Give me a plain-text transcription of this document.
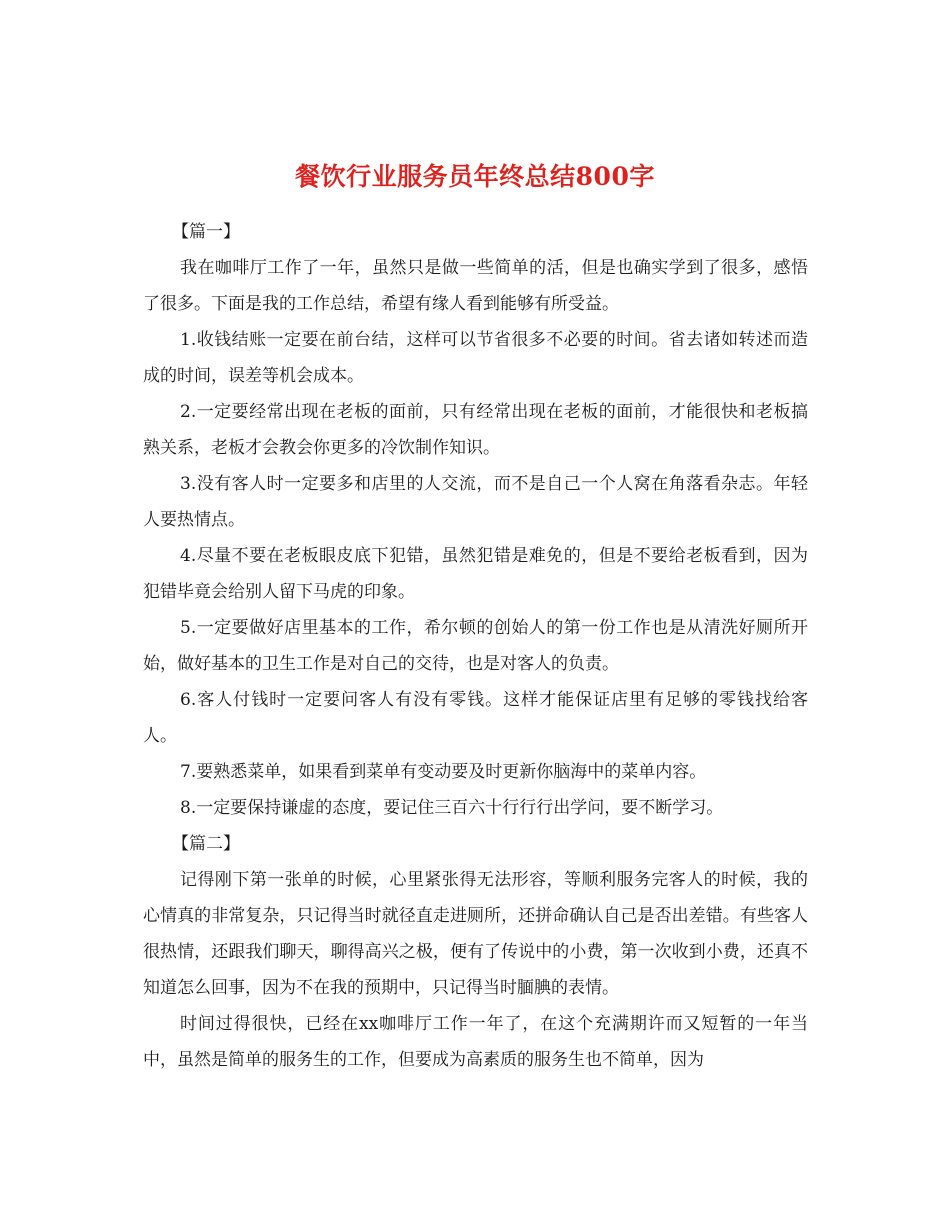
餐饮行业服务员年终总结800字

【篇一】

我在咖啡厅工作了一年，虽然只是做一些简单的活，但是也确实学到了很多，感悟了很多。下面是我的工作总结，希望有缘人看到能够有所受益。

1.收钱结账一定要在前台结，这样可以节省很多不必要的时间。省去诸如转述而造成的时间，误差等机会成本。

2.一定要经常出现在老板的面前，只有经常出现在老板的面前，才能很快和老板搞熟关系，老板才会教会你更多的冷饮制作知识。

3.没有客人时一定要多和店里的人交流，而不是自己一个人窝在角落看杂志。年轻人要热情点。

4.尽量不要在老板眼皮底下犯错，虽然犯错是难免的，但是不要给老板看到，因为犯错毕竟会给别人留下马虎的印象。

5.一定要做好店里基本的工作，希尔顿的创始人的第一份工作也是从清洗好厕所开始，做好基本的卫生工作是对自己的交待，也是对客人的负责。

6.客人付钱时一定要问客人有没有零钱。这样才能保证店里有足够的零钱找给客人。

7.要熟悉菜单，如果看到菜单有变动要及时更新你脑海中的菜单内容。

8.一定要保持谦虚的态度，要记住三百六十行行行出学问，要不断学习。

【篇二】

记得刚下第一张单的时候，心里紧张得无法形容，等顺利服务完客人的时候，我的心情真的非常复杂，只记得当时就径直走进厕所，还拼命确认自己是否出差错。有些客人很热情，还跟我们聊天，聊得高兴之极，便有了传说中的小费，第一次收到小费，还真不知道怎么回事，因为不在我的预期中，只记得当时腼腆的表情。

时间过得很快，已经在xx咖啡厅工作一年了，在这个充满期许而又短暂的一年当中，虽然是简单的服务生的工作，但要成为高素质的服务生也不简单，因为
